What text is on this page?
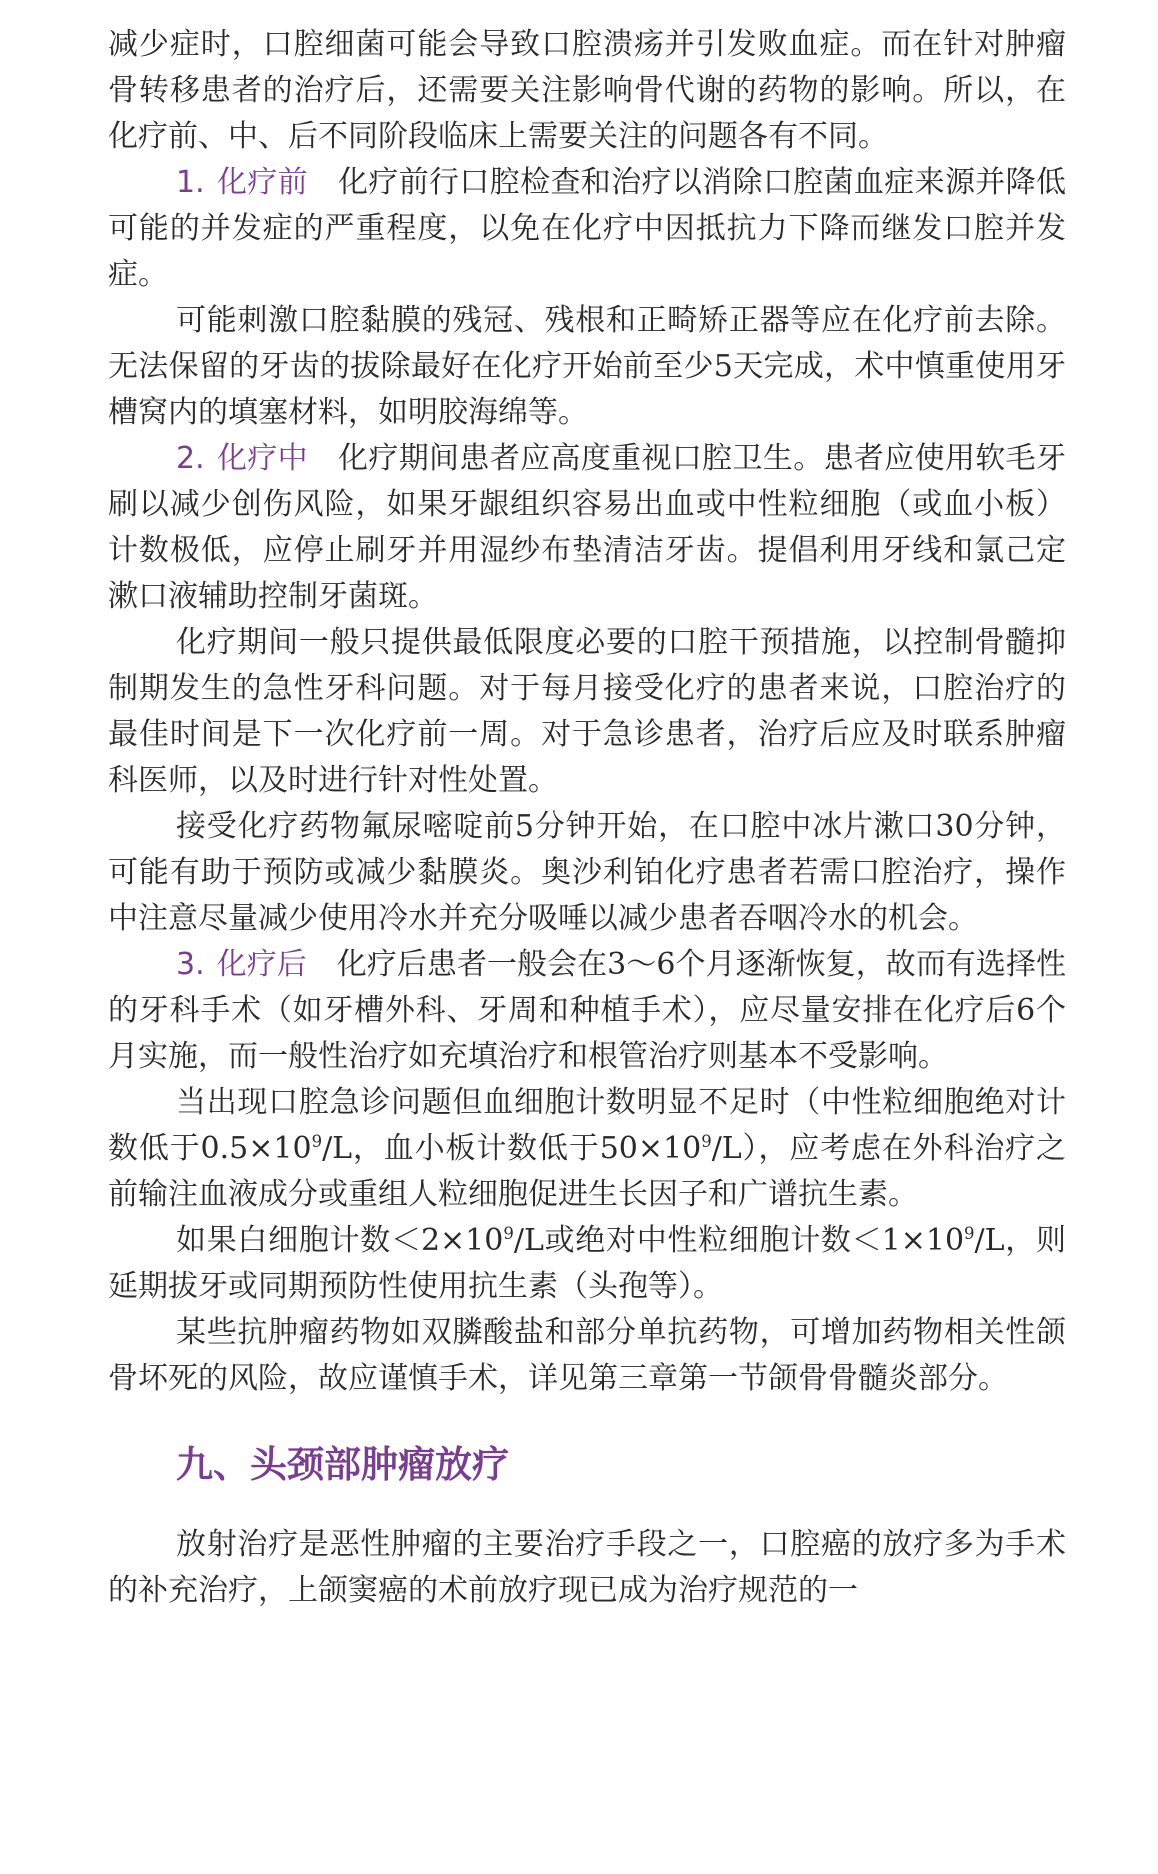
减少症时，口腔细菌可能会导致口腔溃疡并引发败血症。而在针对肿瘤骨转移患者的治疗后，还需要关注影响骨代谢的药物的影响。所以，在化疗前、中、后不同阶段临床上需要关注的问题各有不同。

1. 化疗前 化疗前行口腔检查和治疗以消除口腔菌血症来源并降低可能的并发症的严重程度，以免在化疗中因抵抗力下降而继发口腔并发症。

可能刺激口腔黏膜的残冠、残根和正畸矫正器等应在化疗前去除。无法保留的牙齿的拔除最好在化疗开始前至少5天完成，术中慎重使用牙槽窝内的填塞材料，如明胶海绵等。

2. 化疗中 化疗期间患者应高度重视口腔卫生。患者应使用软毛牙刷以减少创伤风险，如果牙龈组织容易出血或中性粒细胞（或血小板）计数极低，应停止刷牙并用湿纱布垫清洁牙齿。提倡利用牙线和氯己定漱口液辅助控制牙菌斑。

化疗期间一般只提供最低限度必要的口腔干预措施，以控制骨髓抑制期发生的急性牙科问题。对于每月接受化疗的患者来说，口腔治疗的最佳时间是下一次化疗前一周。对于急诊患者，治疗后应及时联系肿瘤科医师，以及时进行针对性处置。

接受化疗药物氟尿嘧啶前5分钟开始，在口腔中冰片漱口30分钟，可能有助于预防或减少黏膜炎。奥沙利铂化疗患者若需口腔治疗，操作中注意尽量减少使用冷水并充分吸唾以减少患者吞咽冷水的机会。

3. 化疗后 化疗后患者一般会在3～6个月逐渐恢复，故而有选择性的牙科手术（如牙槽外科、牙周和种植手术），应尽量安排在化疗后6个月实施，而一般性治疗如充填治疗和根管治疗则基本不受影响。

当出现口腔急诊问题但血细胞计数明显不足时（中性粒细胞绝对计数低于$0.5\times 10^9/L$，血小板计数低于$50\times 10^9/L$），应考虑在外科治疗之前输注血液成分或重组人粒细胞促进生长因子和广谱抗生素。

如果白细胞计数$<2\times 10^9/L$或绝对中性粒细胞计数$<1\times 10^9/L$，则延期拔牙或同期预防性使用抗生素（头孢等）。

某些抗肿瘤药物如双膦酸盐和部分单抗药物，可增加药物相关性颌骨坏死的风险，故应谨慎手术，详见第三章第一节颌骨骨髓炎部分。

九、头颈部肿瘤放疗

放射治疗是恶性肿瘤的主要治疗手段之一，口腔癌的放疗多为手术的补充治疗，上颌窦癌的术前放疗现已成为治疗规范的一
